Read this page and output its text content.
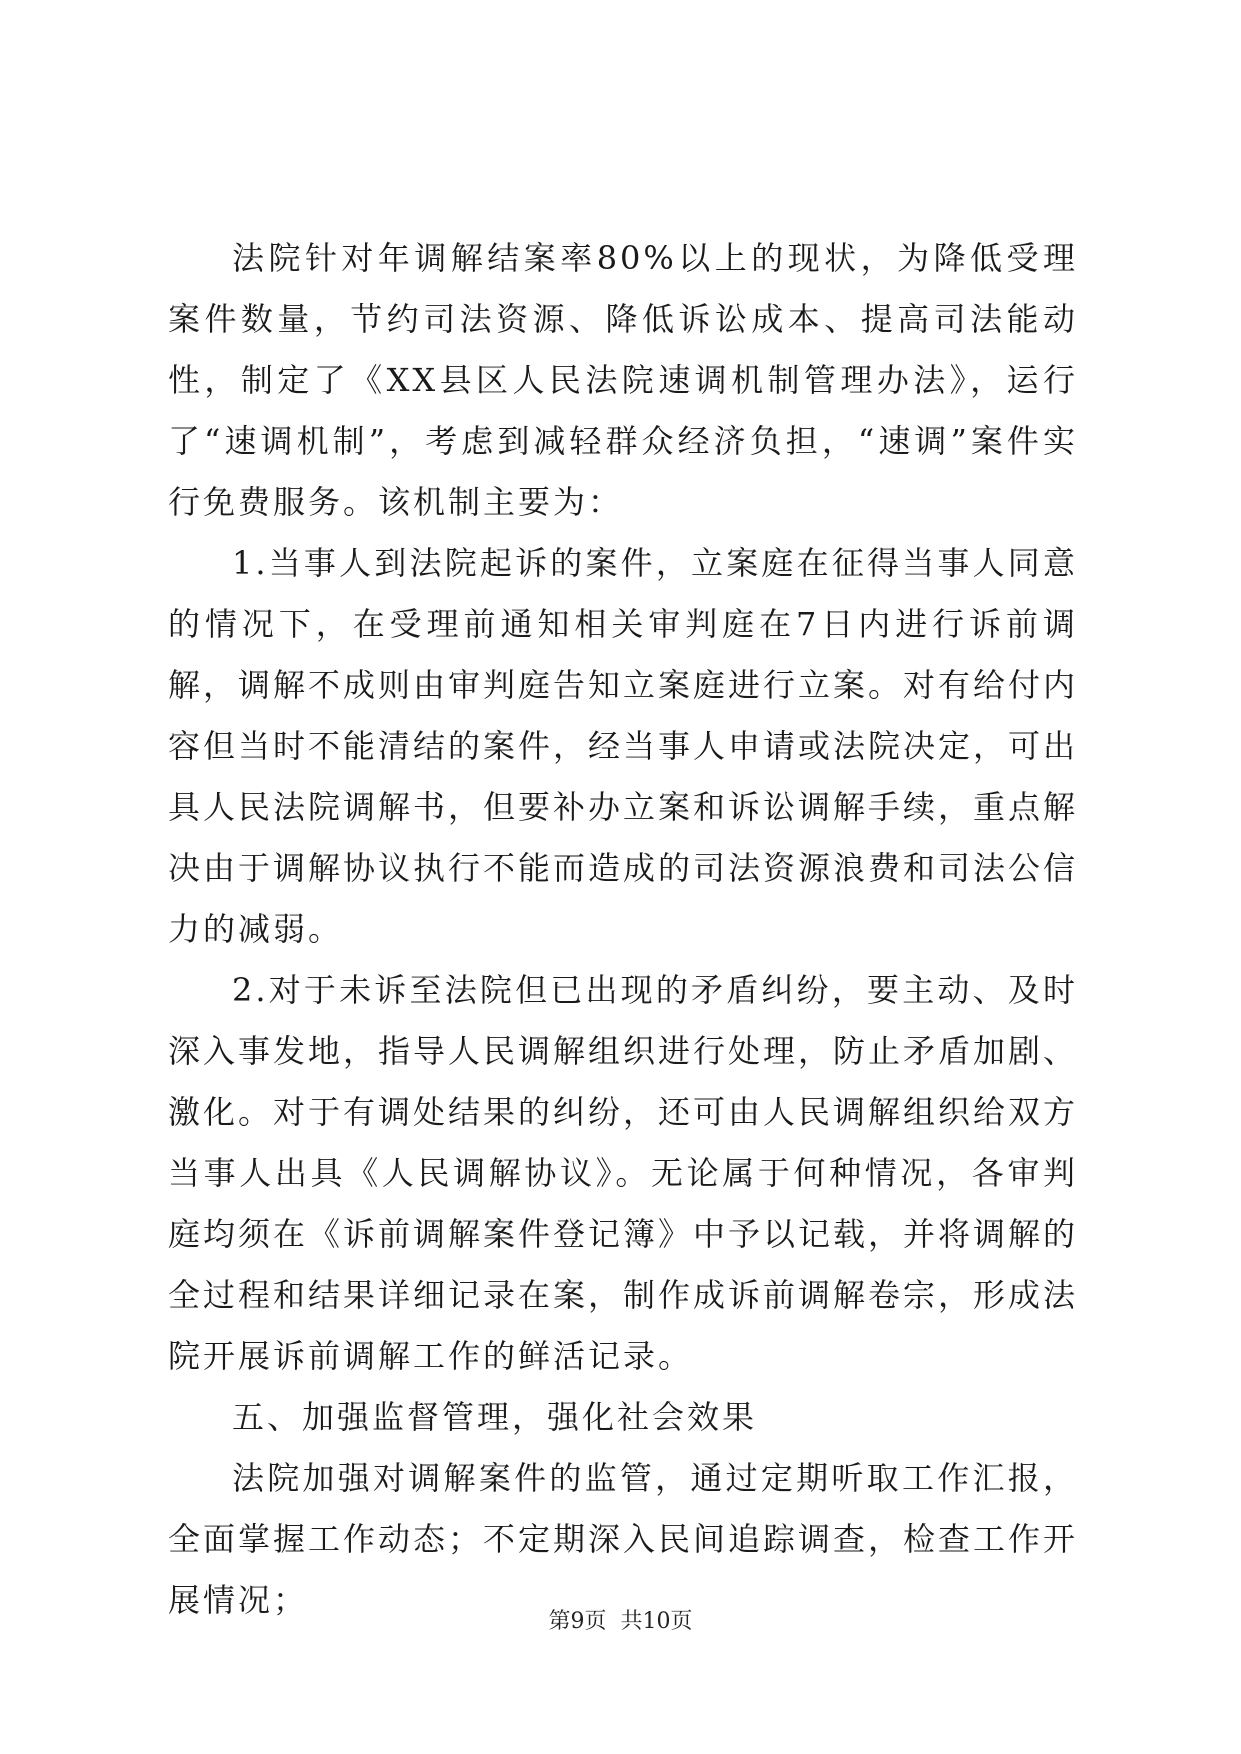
法院针对年调解结案率80%以上的现状，为降低受理案件数量，节约司法资源、降低诉讼成本、提高司法能动性，制定了《XX县区人民法院速调机制管理办法》，运行了“速调机制”，考虑到减轻群众经济负担，“速调”案件实行免费服务。该机制主要为：

1.当事人到法院起诉的案件，立案庭在征得当事人同意的情况下，在受理前通知相关审判庭在7日内进行诉前调解，调解不成则由审判庭告知立案庭进行立案。对有给付内容但当时不能清结的案件，经当事人申请或法院决定，可出具人民法院调解书，但要补办立案和诉讼调解手续，重点解决由于调解协议执行不能而造成的司法资源浪费和司法公信力的减弱。

2.对于未诉至法院但已出现的矛盾纠纷，要主动、及时深入事发地，指导人民调解组织进行处理，防止矛盾加剧、激化。对于有调处结果的纠纷，还可由人民调解组织给双方当事人出具《人民调解协议》。无论属于何种情况，各审判庭均须在《诉前调解案件登记簿》中予以记载，并将调解的全过程和结果详细记录在案，制作成诉前调解卷宗，形成法院开展诉前调解工作的鲜活记录。

五、加强监督管理，强化社会效果

法院加强对调解案件的监管，通过定期听取工作汇报，全面掌握工作动态；不定期深入民间追踪调查，检查工作开展情况；

第9页  共10页
